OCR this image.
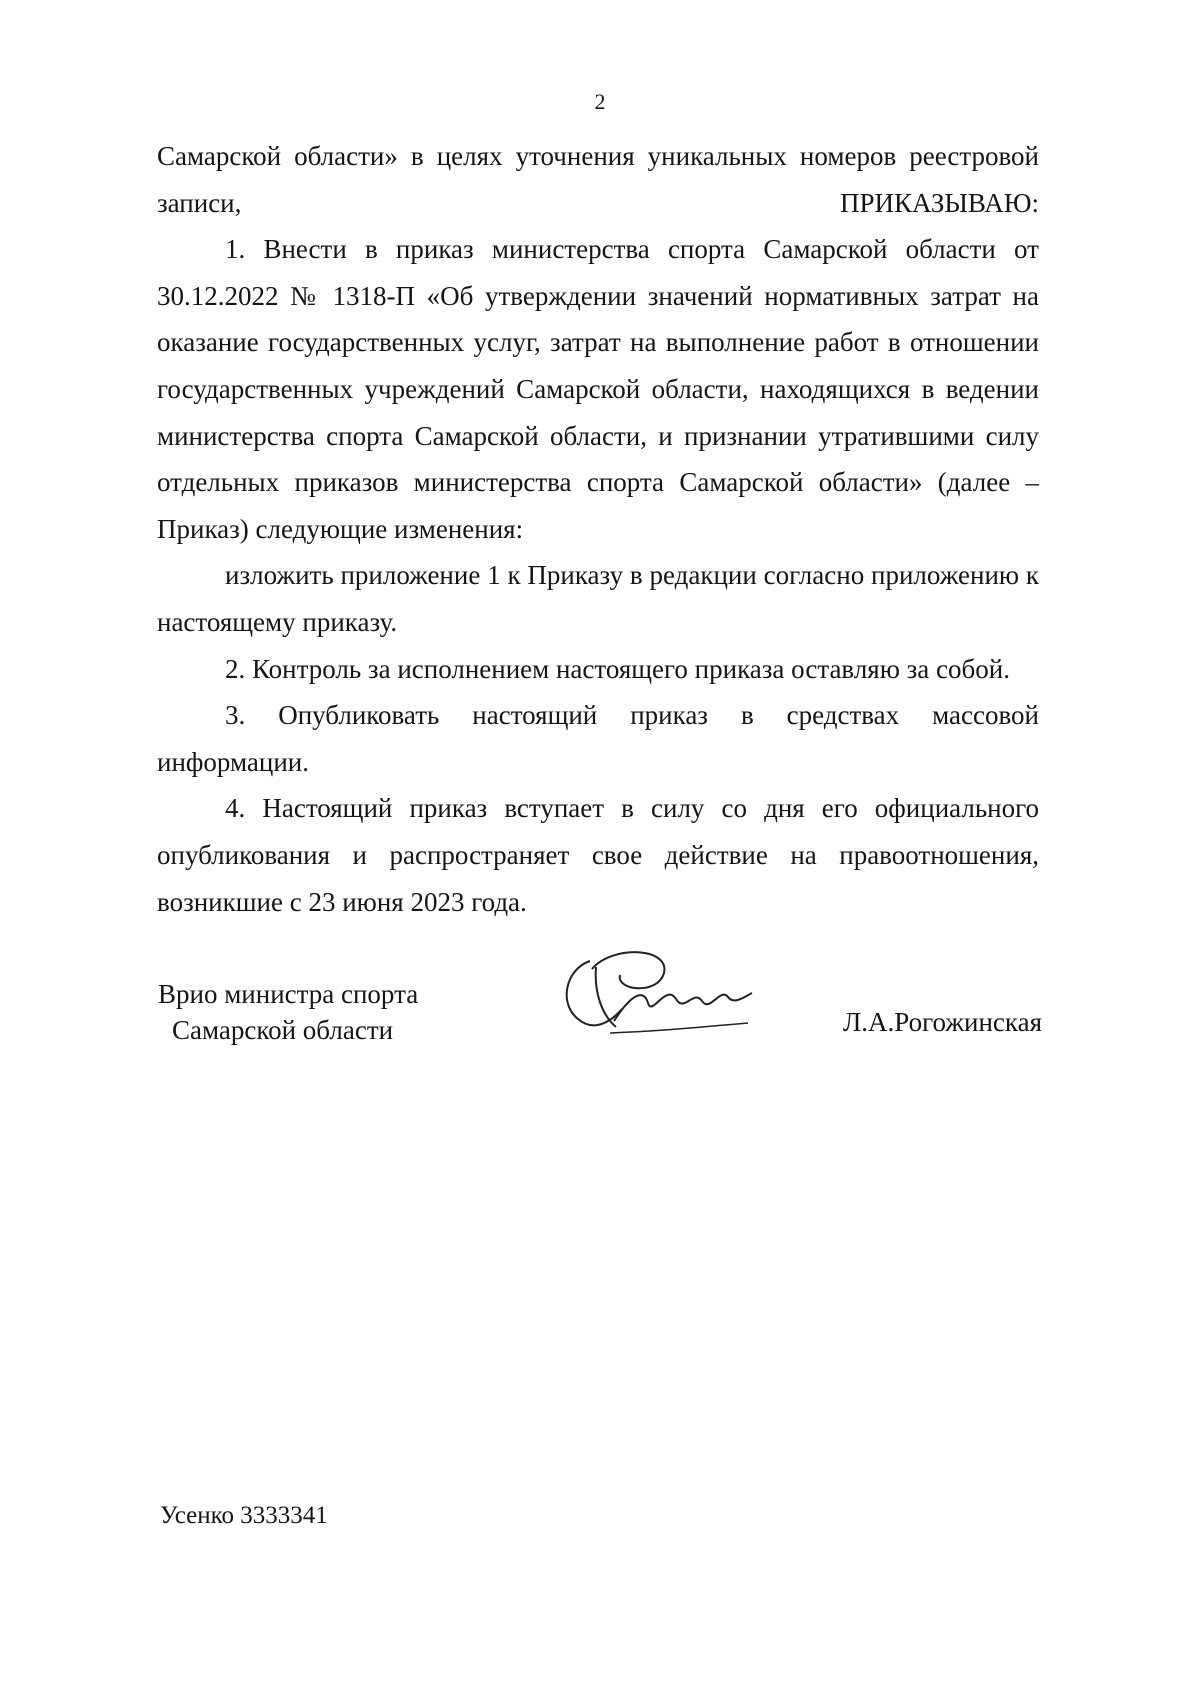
2

Самарской области» в целях уточнения уникальных номеров реестровой записи, ПРИКАЗЫВАЮ:

1. Внести в приказ министерства спорта Самарской области от 30.12.2022 № 1318-П «Об утверждении значений нормативных затрат на оказание государственных услуг, затрат на выполнение работ в отношении государственных учреждений Самарской области, находящихся в ведении министерства спорта Самарской области, и признании утратившими силу отдельных приказов министерства спорта Самарской области» (далее – Приказ) следующие изменения:

изложить приложение 1 к Приказу в редакции согласно приложению к настоящему приказу.

2. Контроль за исполнением настоящего приказа оставляю за собой.

3. Опубликовать настоящий приказ в средствах массовой информации.

4. Настоящий приказ вступает в силу со дня его официального опубликования и распространяет свое действие на правоотношения, возникшие с 23 июня 2023 года.

Врио министра спорта
Самарской области	Л.А.Рогожинская
Усенко 3333341
